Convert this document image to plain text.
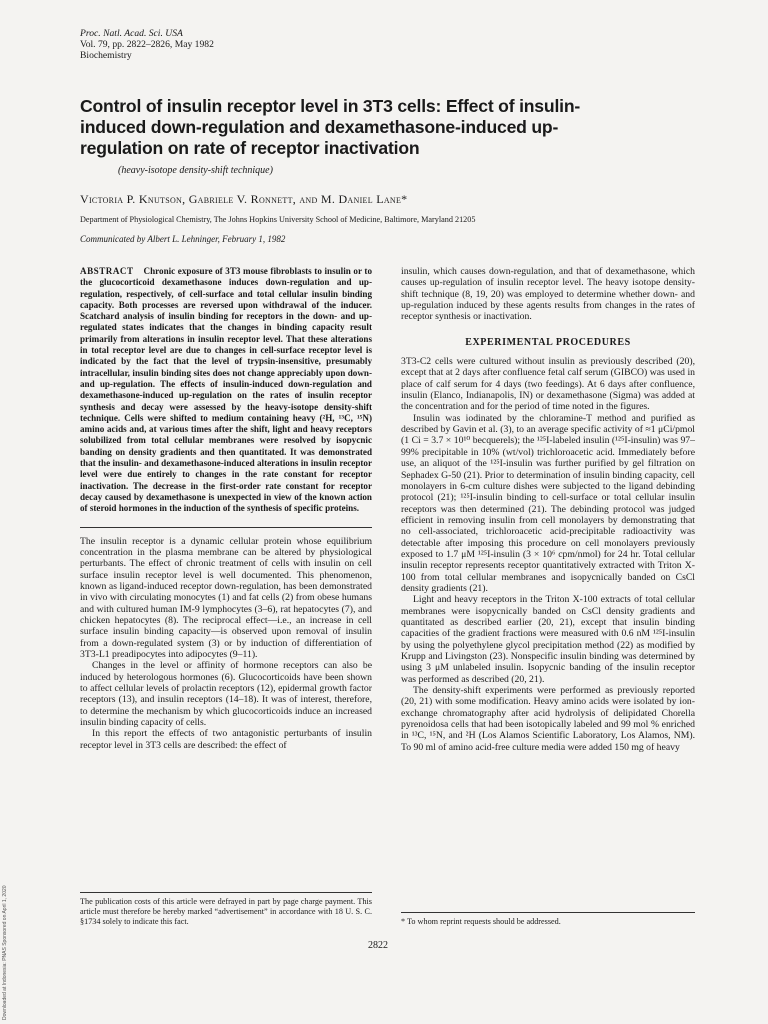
Proc. Natl. Acad. Sci. USA
Vol. 79, pp. 2822–2826, May 1982
Biochemistry
Control of insulin receptor level in 3T3 cells: Effect of insulin-induced down-regulation and dexamethasone-induced up-regulation on rate of receptor inactivation
(heavy-isotope density-shift technique)
Victoria P. Knutson, Gabriele V. Ronnett, and M. Daniel Lane*
Department of Physiological Chemistry, The Johns Hopkins University School of Medicine, Baltimore, Maryland 21205
Communicated by Albert L. Lehninger, February 1, 1982

ABSTRACT Chronic exposure of 3T3 mouse fibroblasts to insulin or to the glucocorticoid dexamethasone induces down-regulation and up-regulation, respectively, of cell-surface and total cellular insulin binding capacity. Both processes are reversed upon withdrawal of the inducer. Scatchard analysis of insulin binding for receptors in the down- and up-regulated states indicates that the changes in binding capacity result primarily from alterations in insulin receptor level. That these alterations in total receptor level are due to changes in cell-surface receptor level is indicated by the fact that the level of trypsin-insensitive, presumably intracellular, insulin binding sites does not change appreciably upon down- and up-regulation. The effects of insulin-induced down-regulation and dexamethasone-induced up-regulation on the rates of insulin receptor synthesis and decay were assessed by the heavy-isotope density-shift technique. Cells were shifted to medium containing heavy (²H, ¹³C, ¹⁵N) amino acids and, at various times after the shift, light and heavy receptors solubilized from total cellular membranes were resolved by isopycnic banding on density gradients and then quantitated. It was demonstrated that the insulin- and dexamethasone-induced alterations in insulin receptor level were due entirely to changes in the rate constant for receptor inactivation. The decrease in the first-order rate constant for receptor decay caused by dexamethasone is unexpected in view of the known action of steroid hormones in the induction of the synthesis of specific proteins.

The insulin receptor is a dynamic cellular protein whose equilibrium concentration in the plasma membrane can be altered by physiological perturbants. The effect of chronic treatment of cells with insulin on cell surface insulin receptor level is well documented. This phenomenon, known as ligand-induced receptor down-regulation, has been demonstrated in vivo with circulating monocytes (1) and fat cells (2) from obese humans and with cultured human IM-9 lymphocytes (3–6), rat hepatocytes (7), and chicken hepatocytes (8). The reciprocal effect—i.e., an increase in cell surface insulin binding capacity—is observed upon removal of insulin from a down-regulated system (3) or by induction of differentiation of 3T3-L1 preadipocytes into adipocytes (9–11).

Changes in the level or affinity of hormone receptors can also be induced by heterologous hormones (6). Glucocorticoids have been shown to affect cellular levels of prolactin receptors (12), epidermal growth factor receptors (13), and insulin receptors (14–18). It was of interest, therefore, to determine the mechanism by which glucocorticoids induce an increased insulin binding capacity of cells.

In this report the effects of two antagonistic perturbants of insulin receptor level in 3T3 cells are described: the effect of

insulin, which causes down-regulation, and that of dexamethasone, which causes up-regulation of insulin receptor level. The heavy isotope density-shift technique (8, 19, 20) was employed to determine whether down- and up-regulation induced by these agents results from changes in the rates of receptor synthesis or inactivation.

EXPERIMENTAL PROCEDURES

3T3-C2 cells were cultured without insulin as previously described (20), except that at 2 days after confluence fetal calf serum (GIBCO) was used in place of calf serum for 4 days (two feedings). At 6 days after confluence, insulin (Elanco, Indianapolis, IN) or dexamethasone (Sigma) was added at the concentration and for the period of time noted in the figures.

Insulin was iodinated by the chloramine-T method and purified as described by Gavin et al. (3), to an average specific activity of ≈1 μCi/pmol (1 Ci = 3.7 × 10¹⁰ becquerels); the ¹²⁵I-labeled insulin (¹²⁵I-insulin) was 97–99% precipitable in 10% (wt/vol) trichloroacetic acid. Immediately before use, an aliquot of the ¹²⁵I-insulin was further purified by gel filtration on Sephadex G-50 (21). Prior to determination of insulin binding capacity, cell monolayers in 6-cm culture dishes were subjected to the ligand debinding protocol (21); ¹²⁵I-insulin binding to cell-surface or total cellular insulin receptors was then determined (21). The debinding protocol was judged efficient in removing insulin from cell monolayers by demonstrating that no cell-associated, trichloroacetic acid-precipitable radioactivity was detectable after imposing this procedure on cell monolayers previously exposed to 1.7 μM ¹²⁵I-insulin (3 × 10⁶ cpm/nmol) for 24 hr. Total cellular insulin receptor represents receptor quantitatively extracted with Triton X-100 from total cellular membranes and isopycnically banded on CsCl density gradients (21).

Light and heavy receptors in the Triton X-100 extracts of total cellular membranes were isopycnically banded on CsCl density gradients and quantitated as described earlier (20, 21), except that insulin binding capacities of the gradient fractions were measured with 0.6 nM ¹²⁵I-insulin by using the polyethylene glycol precipitation method (22) as modified by Krupp and Livingston (23). Nonspecific insulin binding was determined by using 3 μM unlabeled insulin. Isopycnic banding of the insulin receptor was performed as described (20, 21).

The density-shift experiments were performed as previously reported (20, 21) with some modification. Heavy amino acids were isolated by ion-exchange chromatography after acid hydrolysis of delipidated Chorella pyrenoidosa cells that had been isotopically labeled and 99 mol % enriched in ¹³C, ¹⁵N, and ²H (Los Alamos Scientific Laboratory, Los Alamos, NM). To 90 ml of amino acid-free culture media were added 150 mg of heavy

The publication costs of this article were defrayed in part by page charge payment. This article must therefore be hereby marked “advertisement” in accordance with 18 U. S. C. §1734 solely to indicate this fact.	* To whom reprint requests should be addressed.
2822
Downloaded at Indonesia: PNAS Sponsored on April 1, 2020
